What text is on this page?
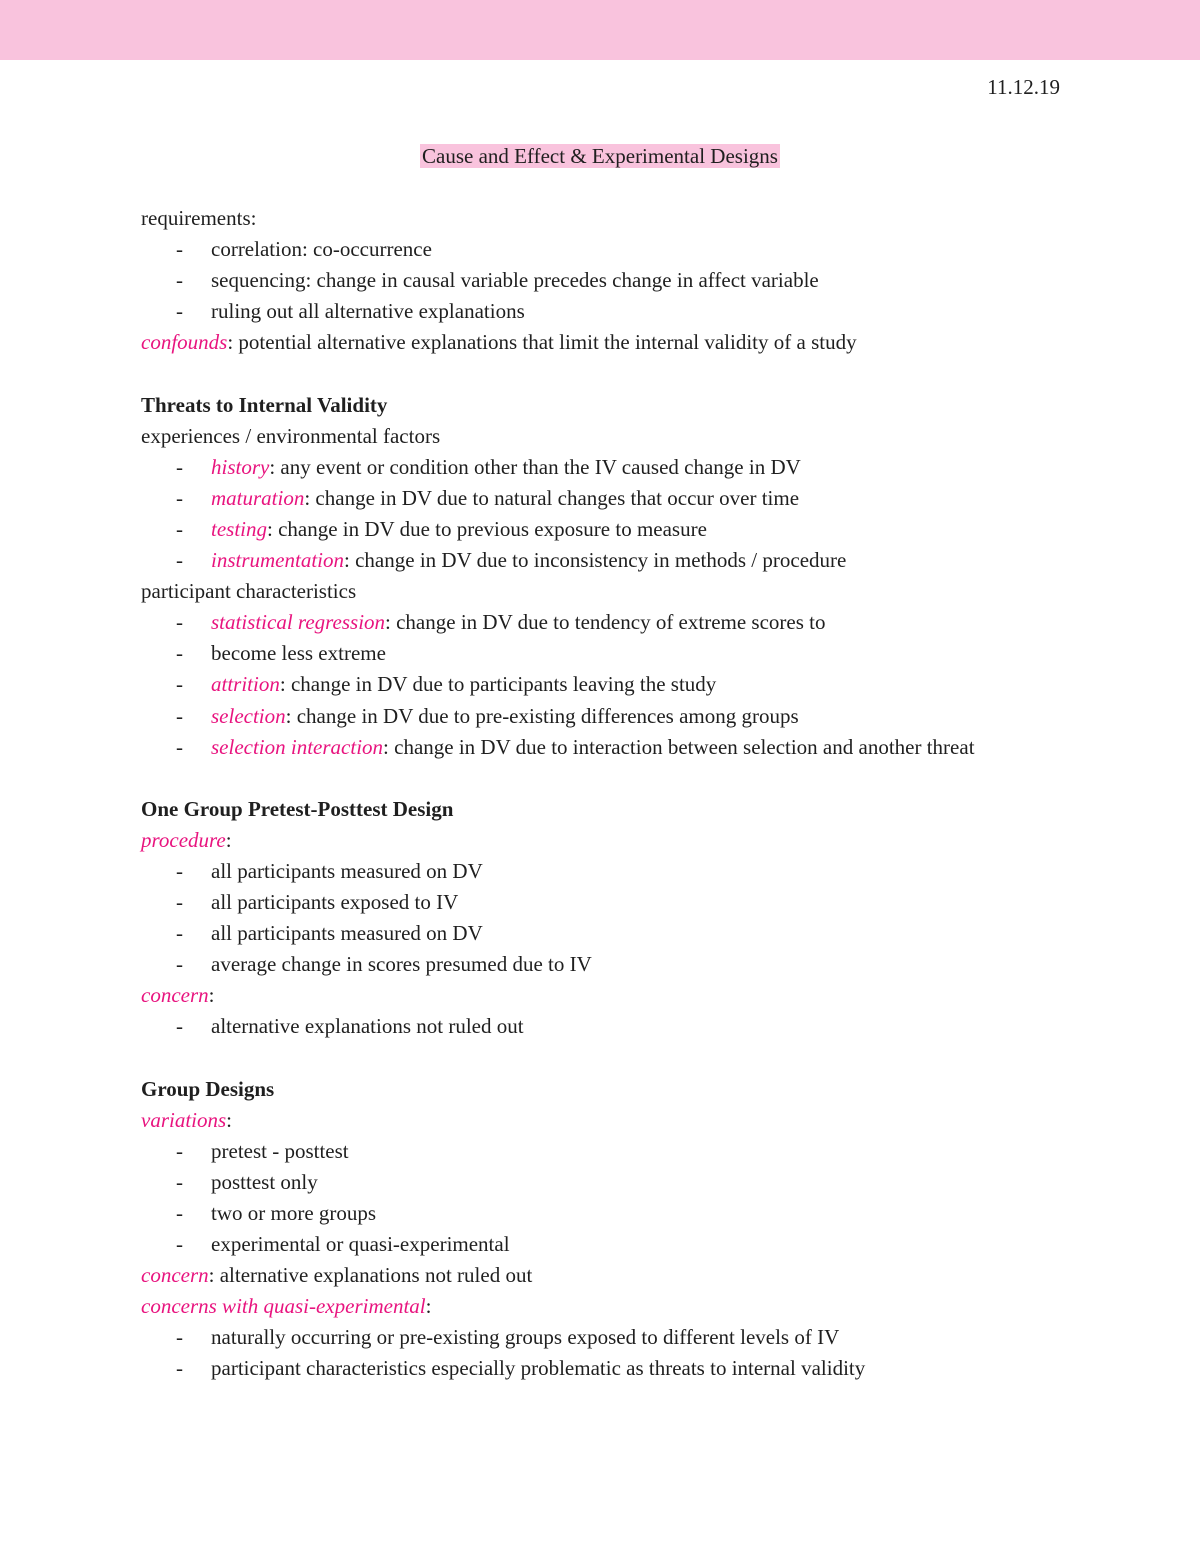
11.12.19
Cause and Effect & Experimental Designs
requirements:
- correlation: co-occurrence
- sequencing: change in causal variable precedes change in affect variable
- ruling out all alternative explanations
confounds: potential alternative explanations that limit the internal validity of a study
Threats to Internal Validity
experiences / environmental factors
- history: any event or condition other than the IV caused change in DV
- maturation: change in DV due to natural changes that occur over time
- testing: change in DV due to previous exposure to measure
- instrumentation: change in DV due to inconsistency in methods / procedure
participant characteristics
- statistical regression: change in DV due to tendency of extreme scores to
- become less extreme
- attrition: change in DV due to participants leaving the study
- selection: change in DV due to pre-existing differences among groups
- selection interaction: change in DV due to interaction between selection and another threat
One Group Pretest-Posttest Design
procedure:
- all participants measured on DV
- all participants exposed to IV
- all participants measured on DV
- average change in scores presumed due to IV
concern:
- alternative explanations not ruled out
Group Designs
variations:
- pretest - posttest
- posttest only
- two or more groups
- experimental or quasi-experimental
concern: alternative explanations not ruled out
concerns with quasi-experimental:
- naturally occurring or pre-existing groups exposed to different levels of IV
- participant characteristics especially problematic as threats to internal validity
